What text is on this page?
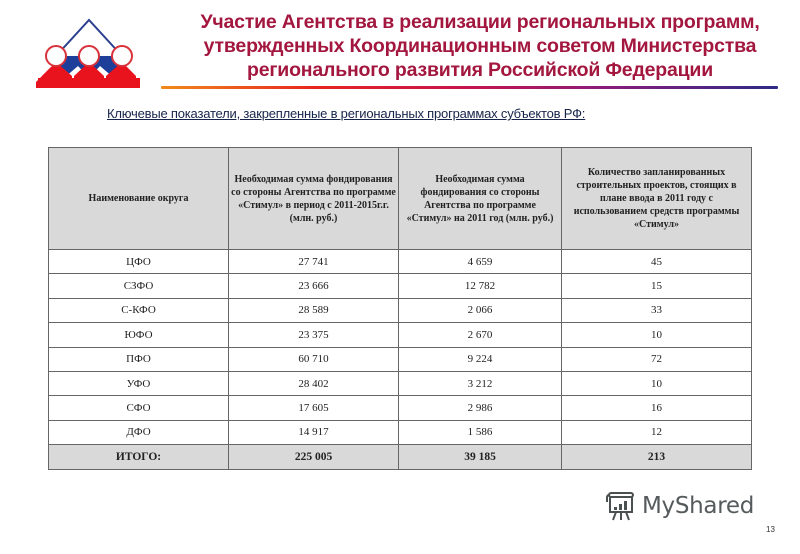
Участие Агентства в реализации региональных программ,
утвержденных Координационным советом Министерства
регионального развития Российской Федерации
Ключевые показатели, закрепленные в региональных программах субъектов РФ:
Наименование округа	Необходимая сумма фондирования со стороны Агентства по программе «Стимул» в период с 2011-2015г.г. (млн. руб.)	Необходимая сумма фондирования со стороны Агентства по программе «Стимул» на 2011 год (млн. руб.)	Количество запланированных строительных проектов, стоящих в плане ввода в 2011 году с использованием средств программы «Стимул»
ЦФО	27 741	4 659	45
СЗФО	23 666	12 782	15
С-КФО	28 589	2 066	33
ЮФО	23 375	2 670	10
ПФО	60 710	9 224	72
УФО	28 402	3 212	10
СФО	17 605	2 986	16
ДФО	14 917	1 586	12
ИТОГО:	225 005	39 185	213
MyShared
13
